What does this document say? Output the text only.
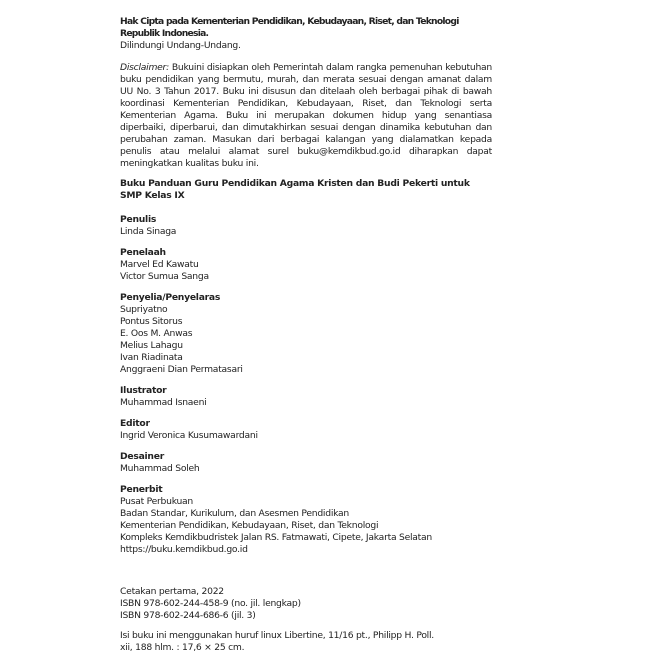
Hak Cipta pada Kementerian Pendidikan, Kebudayaan, Riset, dan Teknologi Republik Indonesia.
Dilindungi Undang-Undang.
Disclaimer: Bukuini disiapkan oleh Pemerintah dalam rangka pemenuhan kebutuhan buku pendidikan yang bermutu, murah, dan merata sesuai dengan amanat dalam UU No. 3 Tahun 2017. Buku ini disusun dan ditelaah oleh berbagai pihak di bawah koordinasi Kementerian Pendidikan, Kebudayaan, Riset, dan Teknologi serta Kementerian Agama. Buku ini merupakan dokumen hidup yang senantiasa diperbaiki, diperbarui, dan dimutakhirkan sesuai dengan dinamika kebutuhan dan perubahan zaman. Masukan dari berbagai kalangan yang dialamatkan kepada penulis atau melalui alamat surel buku@kemdikbud.go.id diharapkan dapat meningkatkan kualitas buku ini.
Buku Panduan Guru Pendidikan Agama Kristen dan Budi Pekerti untuk SMP Kelas IX
Penulis
Linda Sinaga
Penelaah
Marvel Ed Kawatu
Victor Sumua Sanga
Penyelia/Penyelaras
Supriyatno
Pontus Sitorus
E. Oos M. Anwas
Melius Lahagu
Ivan Riadinata
Anggraeni Dian Permatasari
Ilustrator
Muhammad Isnaeni
Editor
Ingrid Veronica Kusumawardani
Desainer
Muhammad Soleh
Penerbit
Pusat Perbukuan
Badan Standar, Kurikulum, dan Asesmen Pendidikan
Kementerian Pendidikan, Kebudayaan, Riset, dan Teknologi
Kompleks Kemdikbudristek Jalan RS. Fatmawati, Cipete, Jakarta Selatan
https://buku.kemdikbud.go.id
Cetakan pertama, 2022
ISBN 978-602-244-458-9 (no. jil. lengkap)
ISBN 978-602-244-686-6 (jil. 3)
Isi buku ini menggunakan huruf linux Libertine, 11/16 pt., Philipp H. Poll.
xii, 188 hlm. : 17,6 × 25 cm.
